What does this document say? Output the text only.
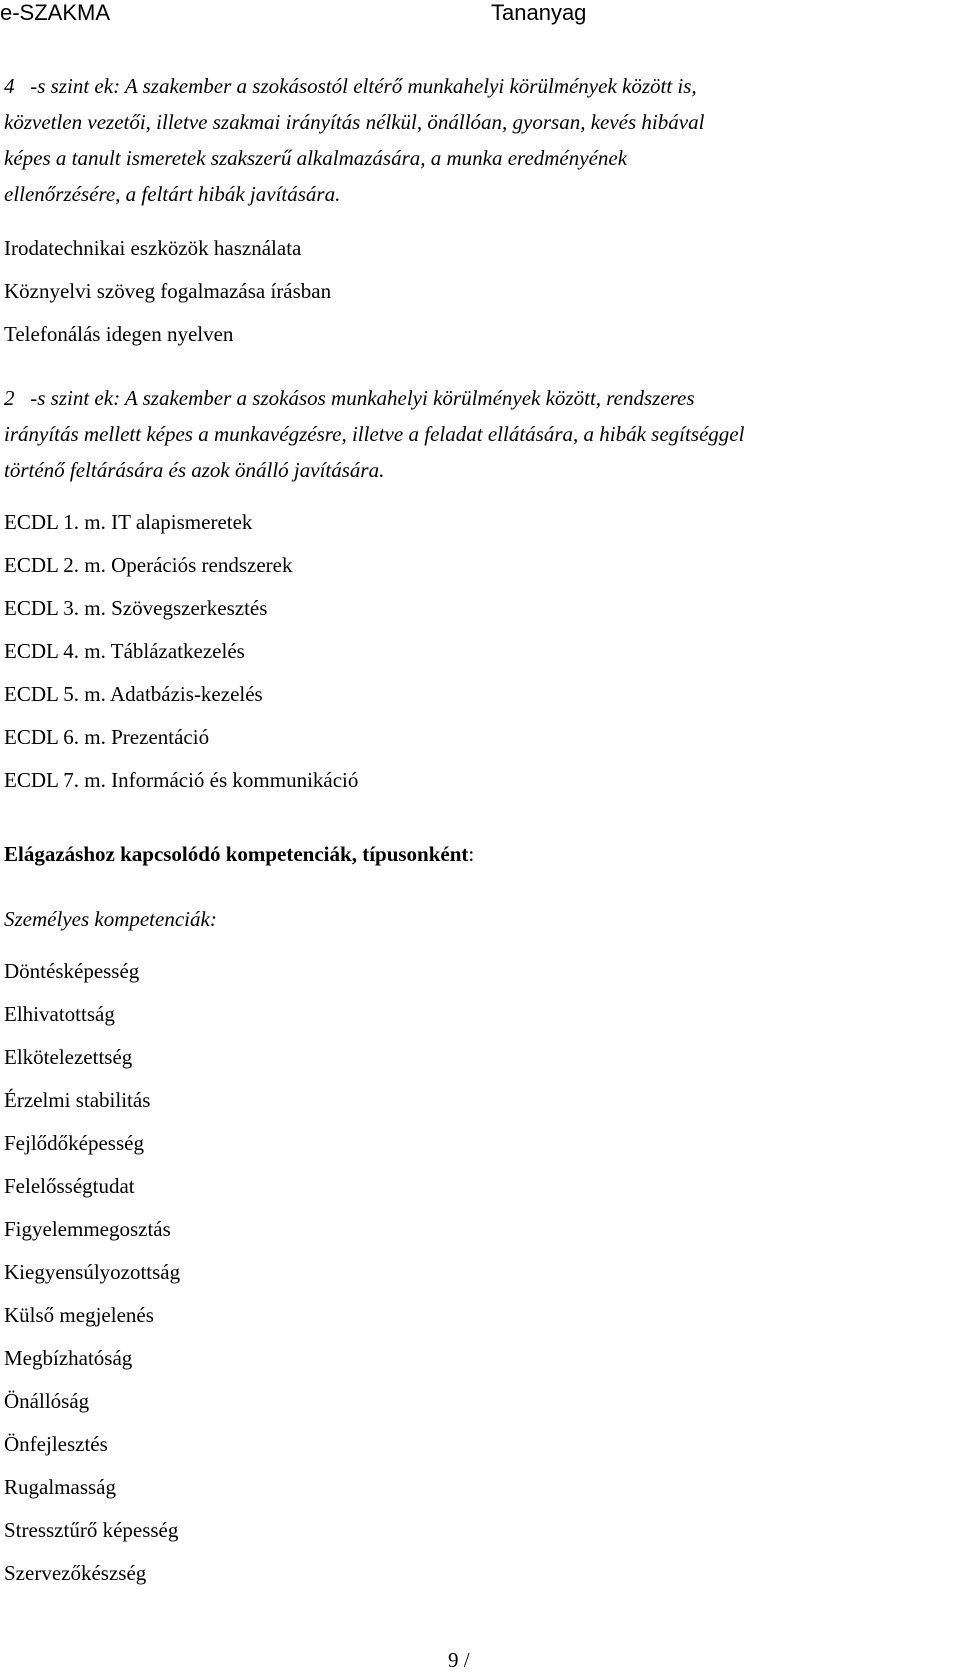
e-SZAKMA	Tananyag
4   -s szint ek: A szakember a szokásostól eltérő munkahelyi körülmények között is,
közvetlen vezetői, illetve szakmai irányítás nélkül, önállóan, gyorsan, kevés hibával
képes a tanult ismeretek szakszerű alkalmazására, a munka eredményének
ellenőrzésére, a feltárt hibák javítására.
Irodatechnikai eszközök használata
Köznyelvi szöveg fogalmazása írásban
Telefonálás idegen nyelven
2   -s szint ek: A szakember a szokásos munkahelyi körülmények között, rendszeres
irányítás mellett képes a munkavégzésre, illetve a feladat ellátására, a hibák segítséggel
történő feltárására és azok önálló javítására.
ECDL 1. m. IT alapismeretek
ECDL 2. m. Operációs rendszerek
ECDL 3. m. Szövegszerkesztés
ECDL 4. m. Táblázatkezelés
ECDL 5. m. Adatbázis-kezelés
ECDL 6. m. Prezentáció
ECDL 7. m. Információ és kommunikáció
Elágazáshoz kapcsolódó kompetenciák, típusonként:
Személyes kompetenciák:
Döntésképesség
Elhivatottság
Elkötelezettség
Érzelmi stabilitás
Fejlődőképesség
Felelősségtudat
Figyelemmegosztás
Kiegyensúlyozottság
Külső megjelenés
Megbízhatóság
Önállóság
Önfejlesztés
Rugalmasság
Stressztűrő képesség
Szervezőkészség
9 /
